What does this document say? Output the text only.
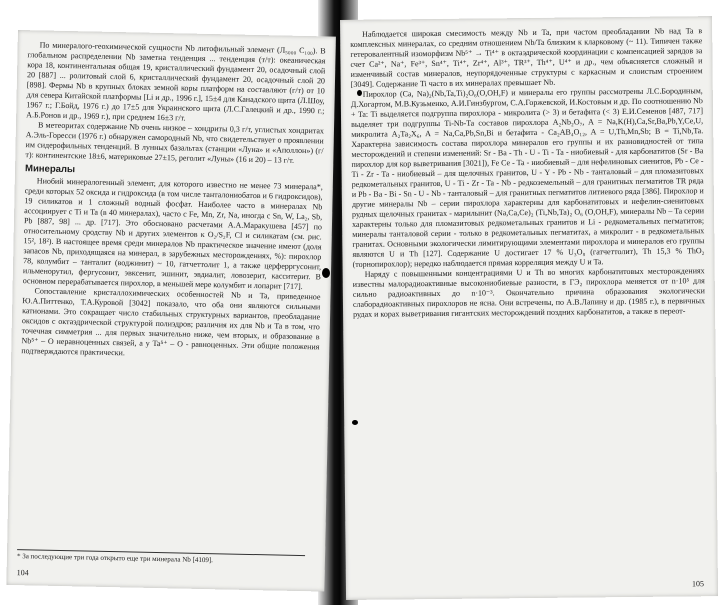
По минералого-геохимической сущности Nb литофильный элемент (Л₅₀₀₀ С₁₀₀). В глобальном распределении Nb заметна тенденция ... тенденция (т/т): океаническая кора 18, континентальная общая 19, кристаллический фундамент 20, осадочный слой 20 [887] ... ролитовый слой 6, кристаллический фундамент 20, осадочный слой 20 [898]. Фермы Nb в крупных блоках земной коры платформ на составляют (г/т) от 10 для севера Китайской платформы [Li и др., 1996 г.], 15±4 для Канадского щита (Л.Шоу, 1967 г.; Г.Бойд, 1976 г.) до 17±5 для Украинского щита (Л.С.Галецкий и др., 1990 г.; А.Б.Ронов и др., 1969 г.), при среднем 16±3 г/т.

В метеоритах содержание Nb очень низкое – хондриты 0,3 г/т, углистых хондритах А.Эль-Горесси (1976 г.) обнаружен самородный Nb, что свидетельствует о проявлении им сидерофильных тенденций. В лунных базальтах (станции «Луна» и «Аполлон») (г/т): континентские 18±6, материковые 27±15, реголит «Луны» (16 и 20) – 13 г/т.

Минералы

Ниобий минералогенный элемент, для которого известно не менее 73 минерала*, среди которых 52 оксида и гидроксида (в том числе танталониобатов и 6 гидроксидов), 19 силикатов и 1 сложный водный фосфат. Наиболее часто в минералах Nb ассоциирует с Ti и Ta (в 40 минералах), часто с Fe, Mn, Zr, Na, иногда с Sn, W, La₂, Sb, Pb [887, 98] ... др. [717]. Это обосновано расчетами А.А.Маракушева [457] по относительному сродству Nb и других элементов к O₂/S₂F, Cl и силикатам (см. рис. 15², 18²). В настоящее время среди минералов Nb практическое значение имеют (доля запасов Nb, приходящаяся на минерал, в зарубежных месторождениях, %): пирохлор 78, колумбит – танталит (воджинит) ~ 10, гатчеттолит 1, а также церферргусонит, ильменорутил, фергусонит, эвксенит, эшинит, эвдиалит, ловозерит, касситерит. В основном перерабатывается пирохлор, в меньшей мере колумбит и лопарит [717].

Сопоставление кристаллохимических особенностей Nb и Ta, приведенное Ю.А.Питтенко, Т.А.Куровой [3042] показало, что оба они являются сильными катионами. Это сокращает число стабильных структурных вариантов, преобладание оксидов с октаэдрической структурой полиэдров; различия их для Nb и Ta в том, что точечная симметрия ... для первых значительно ниже, чем вторых, и образование в Nb⁵⁺ – O неравноценных связей, а у Ta⁵⁺ – O - равноценных. Эти общие положения подтверждаются практически.

* За последующие три года открыто еще три минерала Nb [4109].
104

Наблюдается широкая смесимость между Nb и Ta, при частом преобладании Nb над Ta в комплексных минералах, со средним отношением Nb/Ta близким к кларковому (~ 11). Типичен также гетеровалентный изоморфизм Nb⁵⁺ → Ti⁴⁺ в октаэдрической координации с компенсацией зарядов за счет Ca²⁺, Na⁺, Fe³⁺, Sn⁴⁺, Ti⁴⁺, Zr⁴⁺, Al³⁺, TR³⁺, Th⁴⁺, U⁴⁺ и др., чем объясняется сложный и изменчивый состав минералов, неупорядоченные структуры с каркасным и слоистым строением [3049]. Содержание Ti часто в их минералах превышает Nb.

Пирохлор (Ca, Na)₂(Nb,Ta,Ti)₂O₆(O,OH,F) и минералы его группы рассмотрены Л.С.Бородиным, Д.Хогартом, М.В.Кузьменко, А.И.Гинзбургом, С.А.Горжевской, И.Костовым и др. По соотношению Nb + Ta: Ti выделяется подгруппа пирохлора - микролита (> 3) и бетафита (< 3) Е.И.Семенов [487, 717] выделяет три подгруппы Ti-Nb-Ta составов пирохлора A₂Nb₂O₇, A = Na,K(H),Ca,Sr,Ba,Pb,Y,Ce,U, микролита A₂Ta₂X₆, A = Na,Ca,Pb,Sn,Bi и бетафита - Ca₂AB₄O₁₂, A = U,Th,Mn,Sb; B = Ti,Nb,Ta. Характерна зависимость состава пирохлора минералов его группы и их разновидностей от типа месторождений и степени изменений: Sr - Ba - Th - U - Ti - Ta - ниобиевый - для карбонатитов (Sr - Ba пирохлор для кор выветривания [3021]), Fe Ce - Ta - ниобиевый – для нефелиновых сиенитов, Pb - Ce - Ti - Zr - Ta - ниобиевый – для щелочных гранитов, U - Y - Pb - Nb - танталовый – для пломазитовых редкометальных гранитов, U - Ti - Zr - Ta - Nb - редкоземельный – для гранитных пегматитов TR ряда и Pb - Ba - Bi - Sn - U - Nb - танталовый – для гранитных пегматитов литиевого ряда [386]. Пирохлор и другие минералы Nb – серии пирохлора характерны для карбонатитовых и нефелин-сиенитовых рудных щелочных гранитах - марилынит (Na,Ca,Ce)₂ (Ti,Nb,Ta)₂ O₆ (O,OH,F), минералы Nb – Ta серии характерны только для пломазитовых редкометальных гранитов и Li - редкометальных пегматитов; минералы танталовой серии - только в редкометальных пегматитах, а микролит - в редкометальных гранитах. Основными экологически лимитирующими элементами пирохлора и минералов его группы являются U и Th [127]. Содержание U достигает 17 % U₃O₈ (гатчеттолит), Th 15,3 % ThO₂ (торнопирохлор); нередко наблюдается прямая корреляция между U и Ta.

Наряду с повышенными концентрациями U и Th во многих карбонатитовых месторождениях известны малорадиоактивные высокониобиевые разности, в ГЭ₂ пирохлора меняется от n·10⁵ для сильно радиоактивных до n·10⁻³. Окончательно причина образования экологически слаборадиоактивных пирохлоров не ясна. Они встречены, по А.В.Лапину и др. (1985 г.), в первичных рудах и корах выветривания гигантских месторождений поздних карбонатитов, а также в переот-

105
